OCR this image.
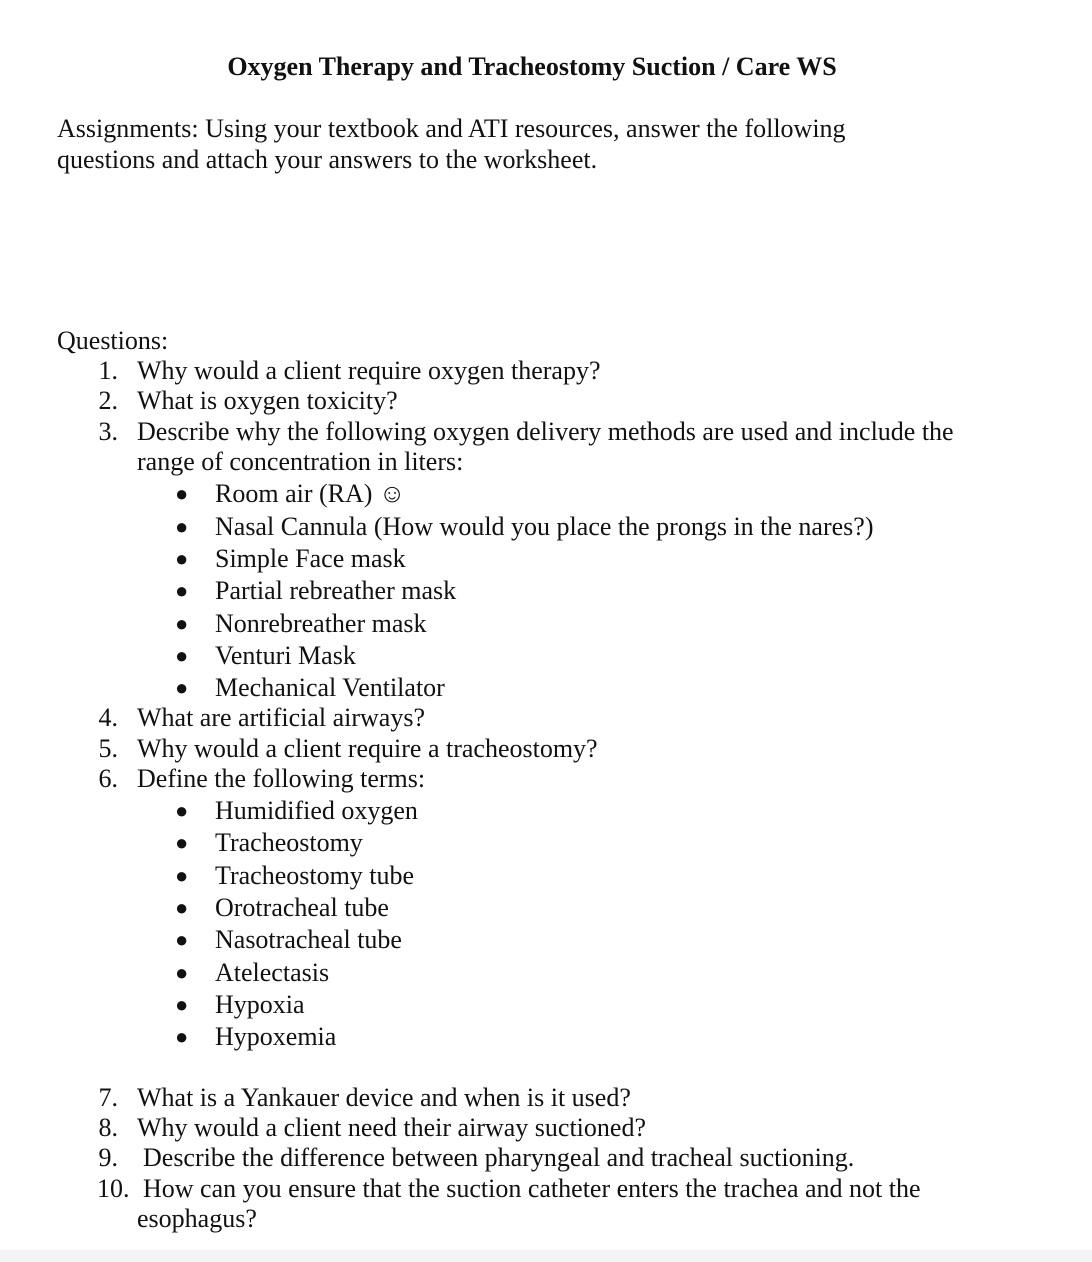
Oxygen Therapy and Tracheostomy Suction / Care WS
Assignments: Using your textbook and ATI resources, answer the following
questions and attach your answers to the worksheet.
Questions:
1. Why would a client require oxygen therapy?
2. What is oxygen toxicity?
3. Describe why the following oxygen delivery methods are used and include the
range of concentration in liters:
● Room air (RA) ☺
● Nasal Cannula (How would you place the prongs in the nares?)
● Simple Face mask
● Partial rebreather mask
● Nonrebreather mask
● Venturi Mask
● Mechanical Ventilator
4. What are artificial airways?
5. Why would a client require a tracheostomy?
6. Define the following terms:
● Humidified oxygen
● Tracheostomy
● Tracheostomy tube
● Orotracheal tube
● Nasotracheal tube
● Atelectasis
● Hypoxia
● Hypoxemia
7. What is a Yankauer device and when is it used?
8. Why would a client need their airway suctioned?
9. Describe the difference between pharyngeal and tracheal suctioning.
10. How can you ensure that the suction catheter enters the trachea and not the
esophagus?
